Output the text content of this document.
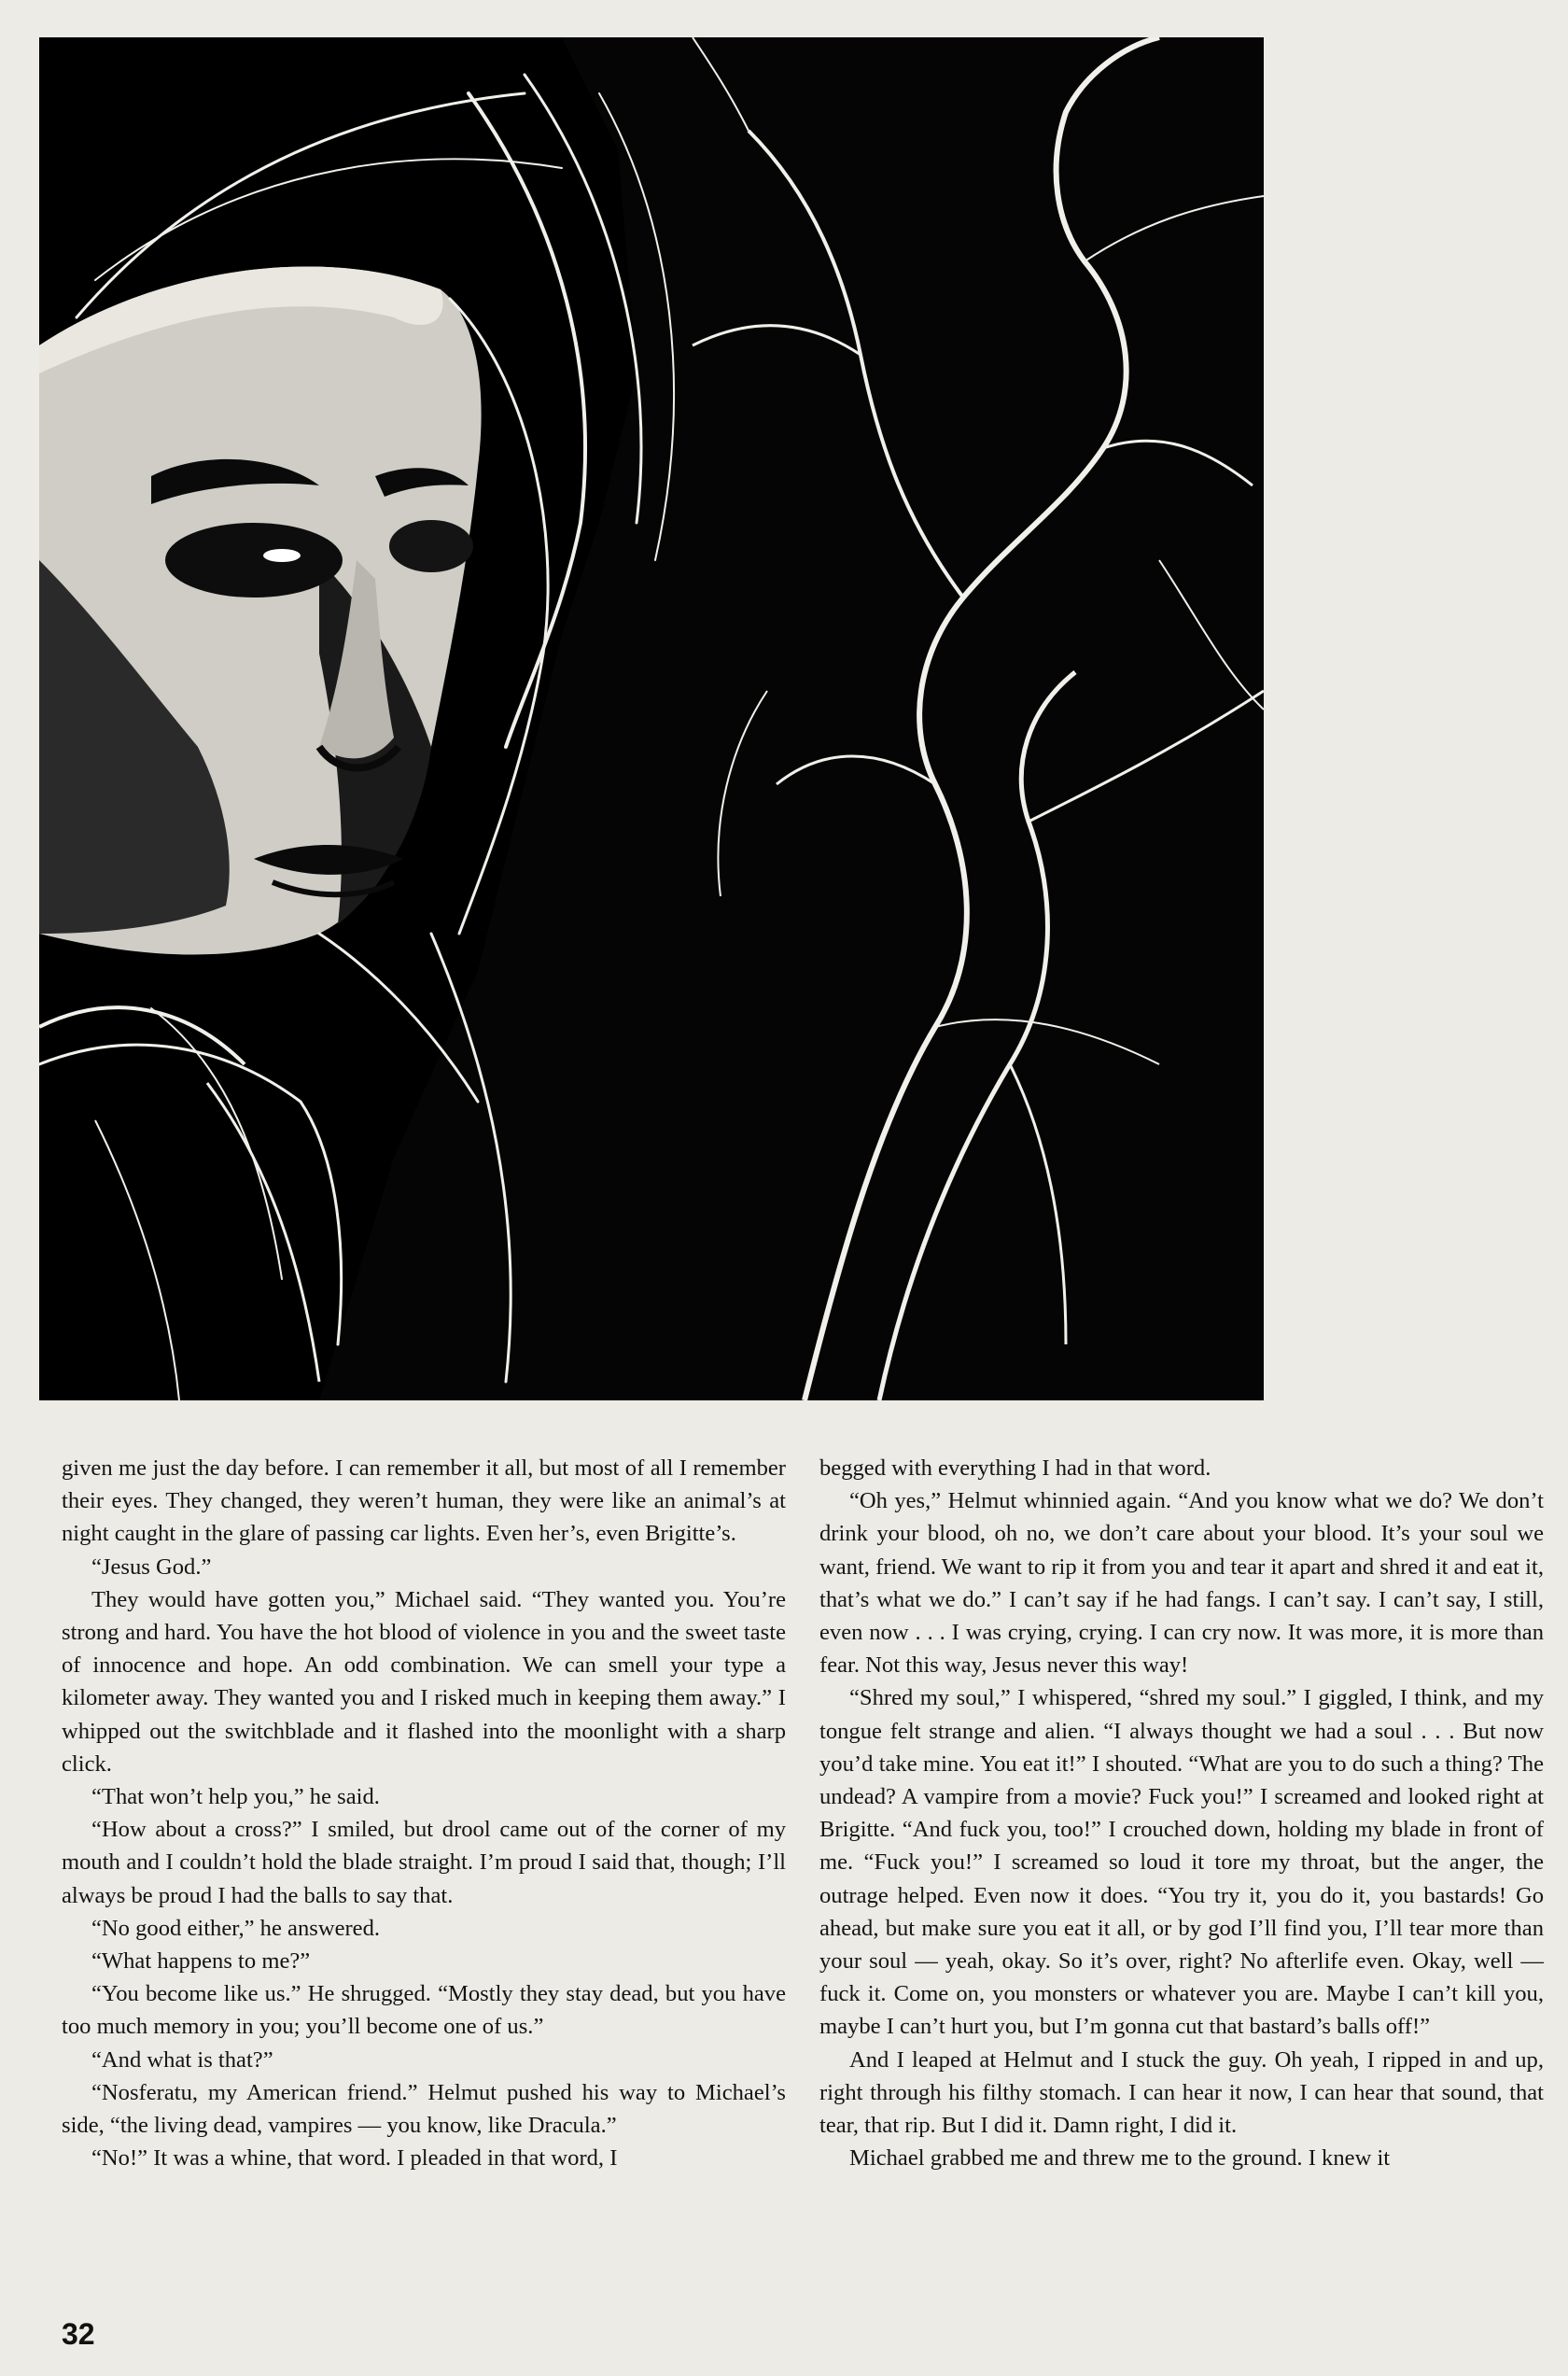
given me just the day before. I can remember it all, but most of all I remember their eyes. They changed, they weren’t human, they were like an animal’s at night caught in the glare of passing car lights. Even her’s, even Brigitte’s.

“Jesus God.”

They would have gotten you,” Michael said. “They wanted you. You’re strong and hard. You have the hot blood of violence in you and the sweet taste of innocence and hope. An odd combination. We can smell your type a kilometer away. They wanted you and I risked much in keeping them away.” I whipped out the switchblade and it flashed into the moonlight with a sharp click.

“That won’t help you,” he said.

“How about a cross?” I smiled, but drool came out of the corner of my mouth and I couldn’t hold the blade straight. I’m proud I said that, though; I’ll always be proud I had the balls to say that.

“No good either,” he answered.

“What happens to me?”

“You become like us.” He shrugged. “Mostly they stay dead, but you have too much memory in you; you’ll become one of us.”

“And what is that?”

“Nosferatu, my American friend.” Helmut pushed his way to Michael’s side, “the living dead, vampires — you know, like Dracula.”

“No!” It was a whine, that word. I pleaded in that word, I

begged with everything I had in that word.

“Oh yes,” Helmut whinnied again. “And you know what we do? We don’t drink your blood, oh no, we don’t care about your blood. It’s your soul we want, friend. We want to rip it from you and tear it apart and shred it and eat it, that’s what we do.” I can’t say if he had fangs. I can’t say. I can’t say, I still, even now . . . I was crying, crying. I can cry now. It was more, it is more than fear. Not this way, Jesus never this way!

“Shred my soul,” I whispered, “shred my soul.” I giggled, I think, and my tongue felt strange and alien. “I always thought we had a soul . . . But now you’d take mine. You eat it!” I shouted. “What are you to do such a thing? The undead? A vampire from a movie? Fuck you!” I screamed and looked right at Brigitte. “And fuck you, too!” I crouched down, holding my blade in front of me. “Fuck you!” I screamed so loud it tore my throat, but the anger, the outrage helped. Even now it does. “You try it, you do it, you bastards! Go ahead, but make sure you eat it all, or by god I’ll find you, I’ll tear more than your soul — yeah, okay. So it’s over, right? No afterlife even. Okay, well — fuck it. Come on, you monsters or whatever you are. Maybe I can’t kill you, maybe I can’t hurt you, but I’m gonna cut that bastard’s balls off!”

And I leaped at Helmut and I stuck the guy. Oh yeah, I ripped in and up, right through his filthy stomach. I can hear it now, I can hear that sound, that tear, that rip. But I did it. Damn right, I did it.

Michael grabbed me and threw me to the ground. I knew it

32
